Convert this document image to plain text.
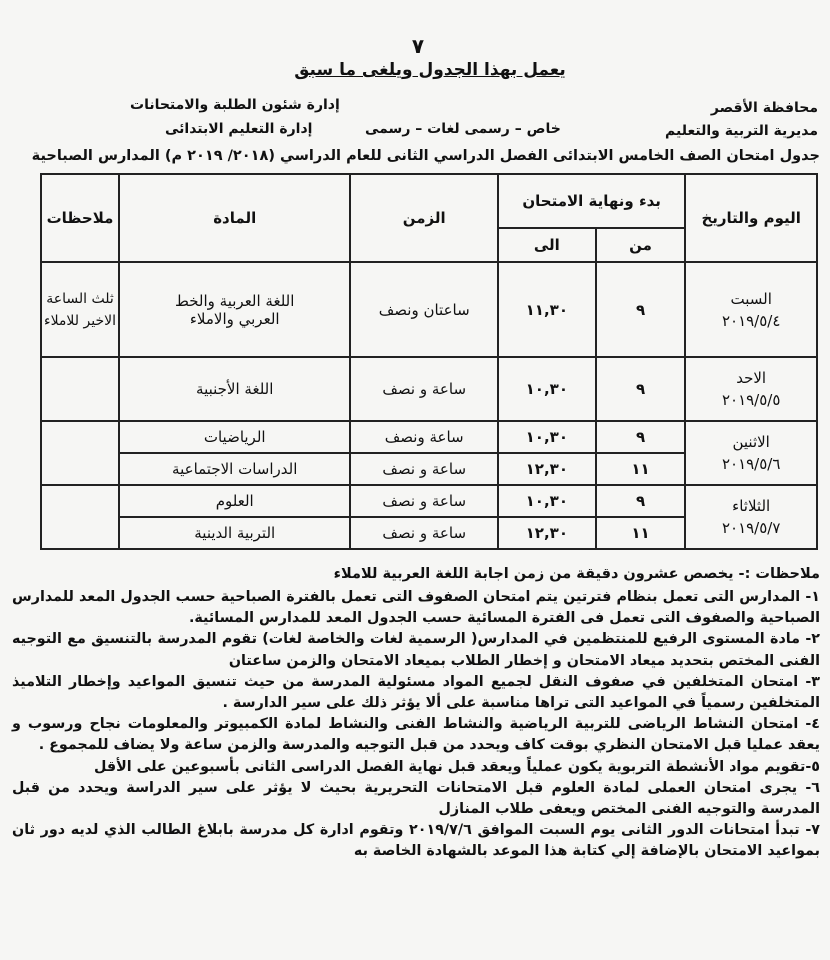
٧
يعمل بهذا الجدول ويلغى ما سبق
محافظة الأقصر
مديرية التربية والتعليم
إدارة شئون الطلبة والامتحانات
إدارة التعليم الابتدائى	خاص – رسمى لغات – رسمى
جدول امتحان الصف الخامس الابتدائى الفصل الدراسي الثانى للعام الدراسي (٢٠١٨/ ٢٠١٩ م) المدارس الصباحية
اليوم والتاريخ	بدء ونهاية الامتحان		الزمن	المادة	ملاحظات
	من	الى			

السبت
٢٠١٩/٥/٤	٩	١١,٣٠	ساعتان ونصف	اللغة العربية والخط العربي والاملاء	ثلث الساعة الاخير للاملاء

الاحد
٢٠١٩/٥/٥	٩	١٠,٣٠	ساعة و نصف	اللغة الأجنبية	

الاثنين
٢٠١٩/٥/٦	٩	١٠,٣٠	ساعة ونصف	الرياضيات	
	١١	١٢,٣٠	ساعة و نصف	الدراسات الاجتماعية	

الثلاثاء
٢٠١٩/٥/٧	٩	١٠,٣٠	ساعة و نصف	العلوم	
	١١	١٢,٣٠	ساعة و نصف	التربية الدينية	
ملاحظات :- يخصص عشرون دقيقة من زمن اجابة اللغة العربية للاملاء

١- المدارس التى تعمل بنظام فترتين يتم امتحان الصفوف التى تعمل بالفترة الصباحية حسب الجدول المعد للمدارس الصباحية والصفوف التى تعمل فى الفترة المسائية حسب الجدول المعد للمدارس المسائية.

٢- مادة المستوى الرفيع للمنتظمين في المدارس( الرسمية لغات والخاصة لغات) تقوم المدرسة بالتنسيق مع التوجيه الفنى المختص بتحديد ميعاد الامتحان و إخطار الطلاب بميعاد الامتحان والزمن ساعتان

٣- امتحان المتخلفين في صفوف النقل لجميع المواد مسئولية المدرسة من حيث تنسيق المواعيد وإخطار التلاميذ المتخلفين رسمياً في المواعيد التى تراها مناسبة على ألا يؤثر ذلك على سير الدارسة .

٤- امتحان النشاط الرياضى للتربية الرياضية والنشاط الفنى والنشاط لمادة الكمبيوتر والمعلومات نجاح ورسوب و يعقد عمليا قبل الامتحان النظري بوقت كاف ويحدد من قبل التوجيه والمدرسة والزمن ساعة ولا يضاف للمجموع .

٥-تقويم مواد الأنشطة التربوية يكون عملياً ويعقد قبل نهاية الفصل الدراسى الثانى بأسبوعين على الأقل

٦- يجرى امتحان العملى لمادة العلوم قبل الامتحانات التحريرية بحيث لا يؤثر على سير الدراسة ويحدد من قبل المدرسة والتوجيه الفنى المختص ويعفى طلاب المنازل

٧- تبدأ امتحانات الدور الثانى يوم السبت الموافق ٢٠١٩/٧/٦ وتقوم ادارة كل مدرسة بابلاغ الطالب الذي لديه دور ثان بمواعيد الامتحان بالإضافة إلي كتابة هذا الموعد بالشهادة الخاصة به
